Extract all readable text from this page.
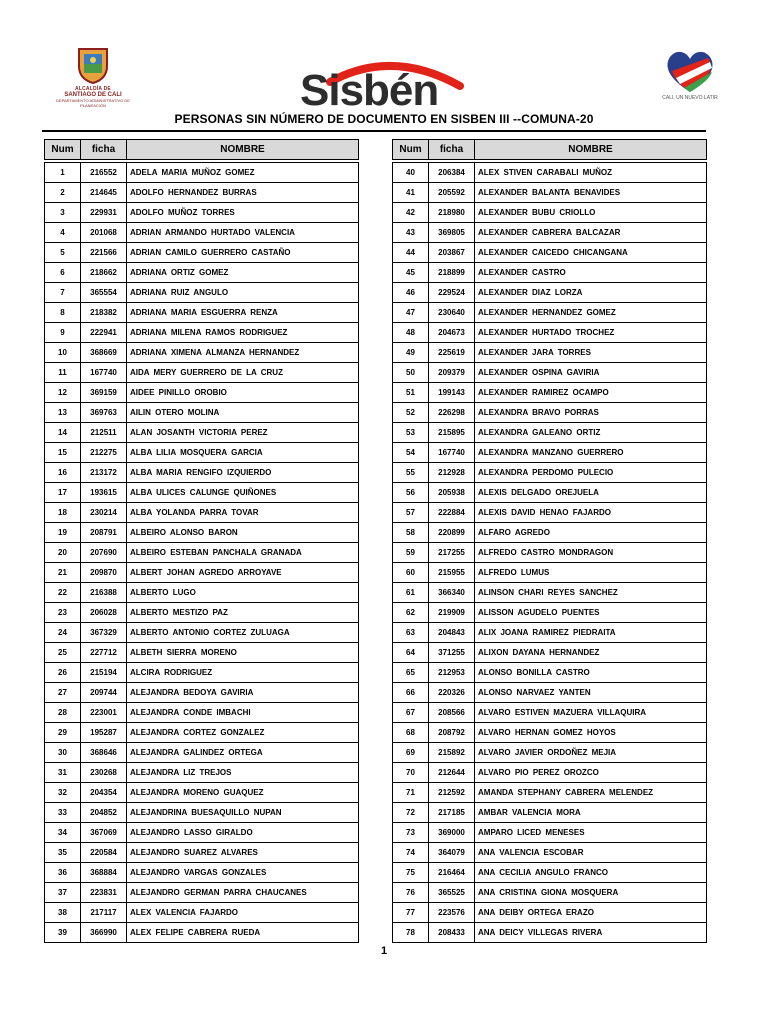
ALCALDÍA DE
SANTIAGO DE CALI
DEPARTAMENTO ADMINISTRATIVO DE PLANEACIÓN	Sisbén	CALI, UN NUEVO LATIR
PERSONAS SIN NÚMERO DE DOCUMENTO EN SISBEN III --COMUNA-20
Num	ficha	NOMBRE

1	216552	ADELA MARIA MUÑOZ GOMEZ
2	214645	ADOLFO HERNANDEZ BURRAS
3	229931	ADOLFO MUÑOZ TORRES
4	201068	ADRIAN ARMANDO HURTADO VALENCIA
5	221566	ADRIAN CAMILO GUERRERO CASTAÑO
6	218662	ADRIANA ORTIZ GOMEZ
7	365554	ADRIANA RUIZ ANGULO
8	218382	ADRIANA MARIA ESGUERRA RENZA
9	222941	ADRIANA MILENA RAMOS RODRIGUEZ
10	368669	ADRIANA XIMENA ALMANZA HERNANDEZ
11	167740	AIDA MERY GUERRERO DE LA CRUZ
12	369159	AIDEE PINILLO OROBIO
13	369763	AILIN OTERO MOLINA
14	212511	ALAN JOSANTH VICTORIA PEREZ
15	212275	ALBA LILIA MOSQUERA GARCIA
16	213172	ALBA MARIA RENGIFO IZQUIERDO
17	193615	ALBA ULICES CALUNGE QUIÑONES
18	230214	ALBA YOLANDA PARRA TOVAR
19	208791	ALBEIRO ALONSO BARON
20	207690	ALBEIRO ESTEBAN PANCHALA GRANADA
21	209870	ALBERT JOHAN AGREDO ARROYAVE
22	216388	ALBERTO LUGO
23	206028	ALBERTO MESTIZO PAZ
24	367329	ALBERTO ANTONIO CORTEZ ZULUAGA
25	227712	ALBETH SIERRA MORENO
26	215194	ALCIRA RODRIGUEZ
27	209744	ALEJANDRA BEDOYA GAVIRIA
28	223001	ALEJANDRA CONDE IMBACHI
29	195287	ALEJANDRA CORTEZ GONZALEZ
30	368646	ALEJANDRA GALINDEZ ORTEGA
31	230268	ALEJANDRA LIZ TREJOS
32	204354	ALEJANDRA MORENO GUAQUEZ
33	204852	ALEJANDRINA BUESAQUILLO NUPAN
34	367069	ALEJANDRO LASSO GIRALDO
35	220584	ALEJANDRO SUAREZ ALVARES
36	368884	ALEJANDRO VARGAS GONZALES
37	223831	ALEJANDRO GERMAN PARRA CHAUCANES
38	217117	ALEX VALENCIA FAJARDO
39	366990	ALEX FELIPE CABRERA RUEDA
Num	ficha	NOMBRE

40	206384	ALEX STIVEN CARABALI MUÑOZ
41	205592	ALEXANDER BALANTA BENAVIDES
42	218980	ALEXANDER BUBU CRIOLLO
43	369805	ALEXANDER CABRERA BALCAZAR
44	203867	ALEXANDER CAICEDO CHICANGANA
45	218899	ALEXANDER CASTRO
46	229524	ALEXANDER DIAZ LORZA
47	230640	ALEXANDER HERNANDEZ GOMEZ
48	204673	ALEXANDER HURTADO TROCHEZ
49	225619	ALEXANDER JARA TORRES
50	209379	ALEXANDER OSPINA GAVIRIA
51	199143	ALEXANDER RAMIREZ OCAMPO
52	226298	ALEXANDRA BRAVO PORRAS
53	215895	ALEXANDRA GALEANO ORTIZ
54	167740	ALEXANDRA MANZANO GUERRERO
55	212928	ALEXANDRA PERDOMO PULECIO
56	205938	ALEXIS DELGADO OREJUELA
57	222884	ALEXIS DAVID HENAO FAJARDO
58	220899	ALFARO AGREDO
59	217255	ALFREDO CASTRO MONDRAGON
60	215955	ALFREDO LUMUS
61	366340	ALINSON CHARI REYES SANCHEZ
62	219909	ALISSON AGUDELO PUENTES
63	204843	ALIX JOANA RAMIREZ PIEDRAITA
64	371255	ALIXON DAYANA HERNANDEZ
65	212953	ALONSO BONILLA CASTRO
66	220326	ALONSO NARVAEZ YANTEN
67	208566	ALVARO ESTIVEN MAZUERA VILLAQUIRA
68	208792	ALVARO HERNAN GOMEZ HOYOS
69	215892	ALVARO JAVIER ORDOÑEZ MEJIA
70	212644	ALVARO PIO PEREZ OROZCO
71	212592	AMANDA STEPHANY CABRERA MELENDEZ
72	217185	AMBAR VALENCIA MORA
73	369000	AMPARO LICED MENESES
74	364079	ANA VALENCIA ESCOBAR
75	216464	ANA CECILIA ANGULO FRANCO
76	365525	ANA CRISTINA GIONA MOSQUERA
77	223576	ANA DEIBY ORTEGA ERAZO
78	208433	ANA DEICY VILLEGAS RIVERA
1
